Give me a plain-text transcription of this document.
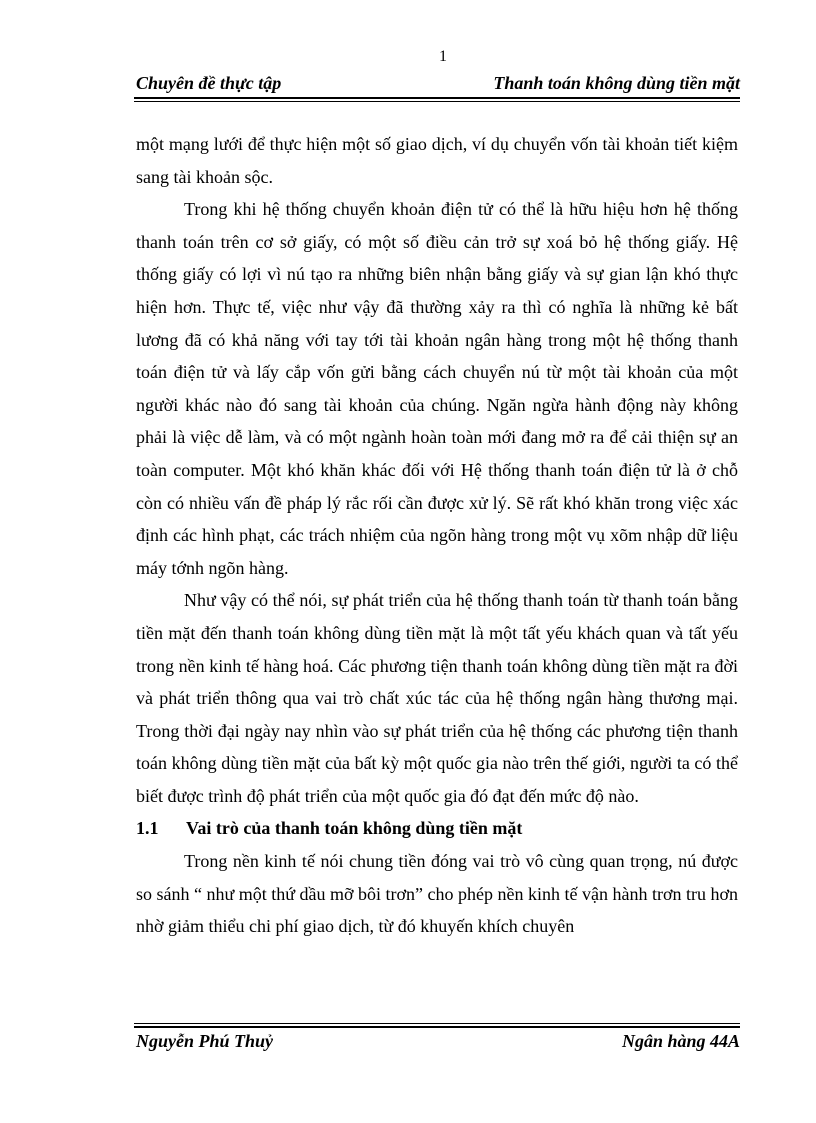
1
Chuyên đề thực tập	Thanh toán không dùng tiền mặt

một mạng lưới để thực hiện một số giao dịch, ví dụ chuyển vốn tài khoản tiết kiệm sang tài khoản sộc.

Trong khi hệ thống chuyển khoản điện tử có thể là hữu hiệu hơn hệ thống thanh toán trên cơ sở giấy, có một số điều cản trở sự xoá bỏ hệ thống giấy. Hệ thống giấy có lợi vì nú tạo ra những biên nhận bằng giấy và sự gian lận khó thực hiện hơn. Thực tế, việc như vậy đã thường xảy ra thì có nghĩa là những kẻ bất lương đã có khả năng với tay tới tài khoản ngân hàng trong một hệ thống thanh toán điện tử và lấy cắp vốn gửi bằng cách chuyển nú từ một tài khoản của một người khác nào đó sang tài khoản của chúng. Ngăn ngừa hành động này không phải là việc dễ làm, và có một ngành hoàn toàn mới đang mở ra để cải thiện sự an toàn computer. Một khó khăn khác đối với Hệ thống thanh toán điện tử là ở chỗ còn có nhiều vấn đề pháp lý rắc rối cần được xử lý. Sẽ rất khó khăn trong việc xác định các hình phạt, các trách nhiệm của ngõn hàng trong một vụ xõm nhập dữ liệu máy tớnh ngõn hàng.

Như vậy có thể nói, sự phát triển của hệ thống thanh toán từ thanh toán bằng tiền mặt đến thanh toán không dùng tiền mặt là một tất yếu khách quan và tất yếu trong nền kinh tế hàng hoá. Các phương tiện thanh toán không dùng tiền mặt ra đời và phát triển thông qua vai trò chất xúc tác của hệ thống ngân hàng thương mại. Trong thời đại ngày nay nhìn vào sự phát triển của hệ thống các phương tiện thanh toán không dùng tiền mặt của bất kỳ một quốc gia nào trên thế giới, người ta có thể biết được trình độ phát triển của một quốc gia đó đạt đến mức độ nào.

1.1	Vai trò của thanh toán không dùng tiền mặt

Trong nền kinh tế nói chung tiền đóng vai trò vô cùng quan trọng, nú được so sánh “ như một thứ dầu mỡ bôi trơn” cho phép nền kinh tế vận hành trơn tru hơn nhờ giảm thiểu chi phí giao dịch, từ đó khuyến khích chuyên

Nguyễn Phú Thuỷ	Ngân hàng 44A
